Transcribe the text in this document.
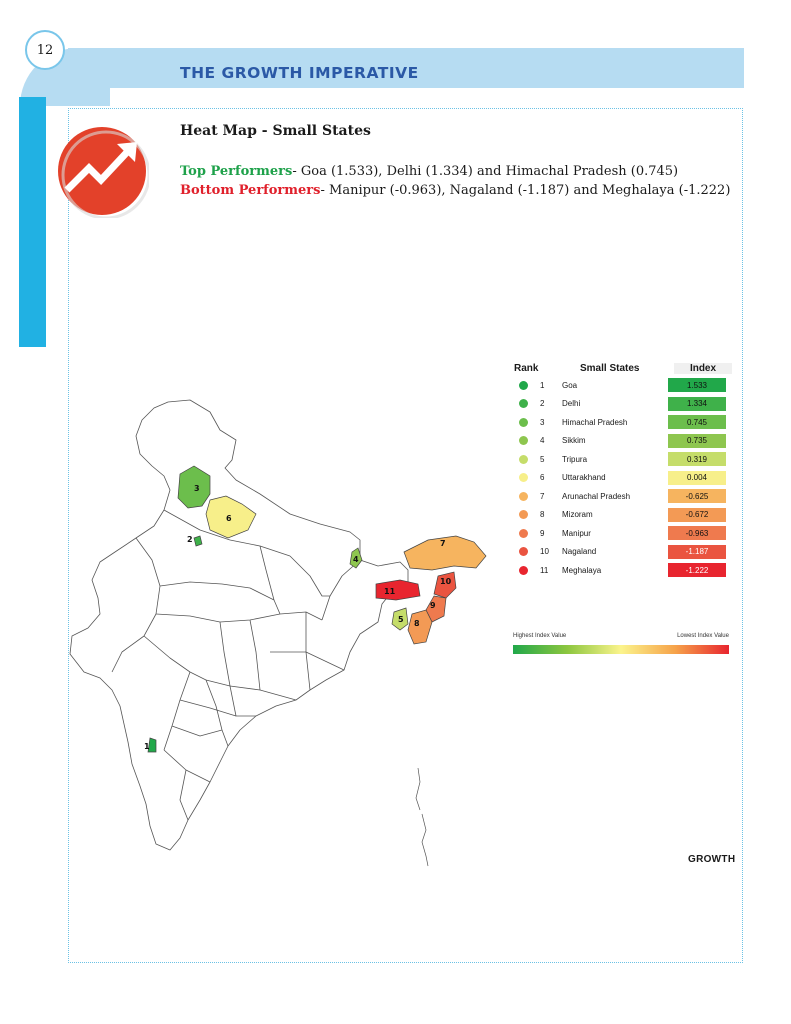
THE GROWTH IMPERATIVE
12
Heat Map - Small States
Top Performers- Goa (1.533), Delhi (1.334) and Himachal Pradesh (0.745)
Bottom Performers- Manipur (-0.963), Nagaland (-1.187) and Meghalaya (-1.222)
1
2
3
4
5
6
7
8
9
10
11
Rank	Small States	Index
1	Goa	1.533
2	Delhi	1.334
3	Himachal Pradesh	0.745
4	Sikkim	0.735
5	Tripura	0.319
6	Uttarakhand	0.004
7	Arunachal Pradesh	-0.625
8	Mizoram	-0.672
9	Manipur	-0.963
10	Nagaland	-1.187
11	Meghalaya	-1.222
Highest Index Value	Lowest Index Value
GROWTH
